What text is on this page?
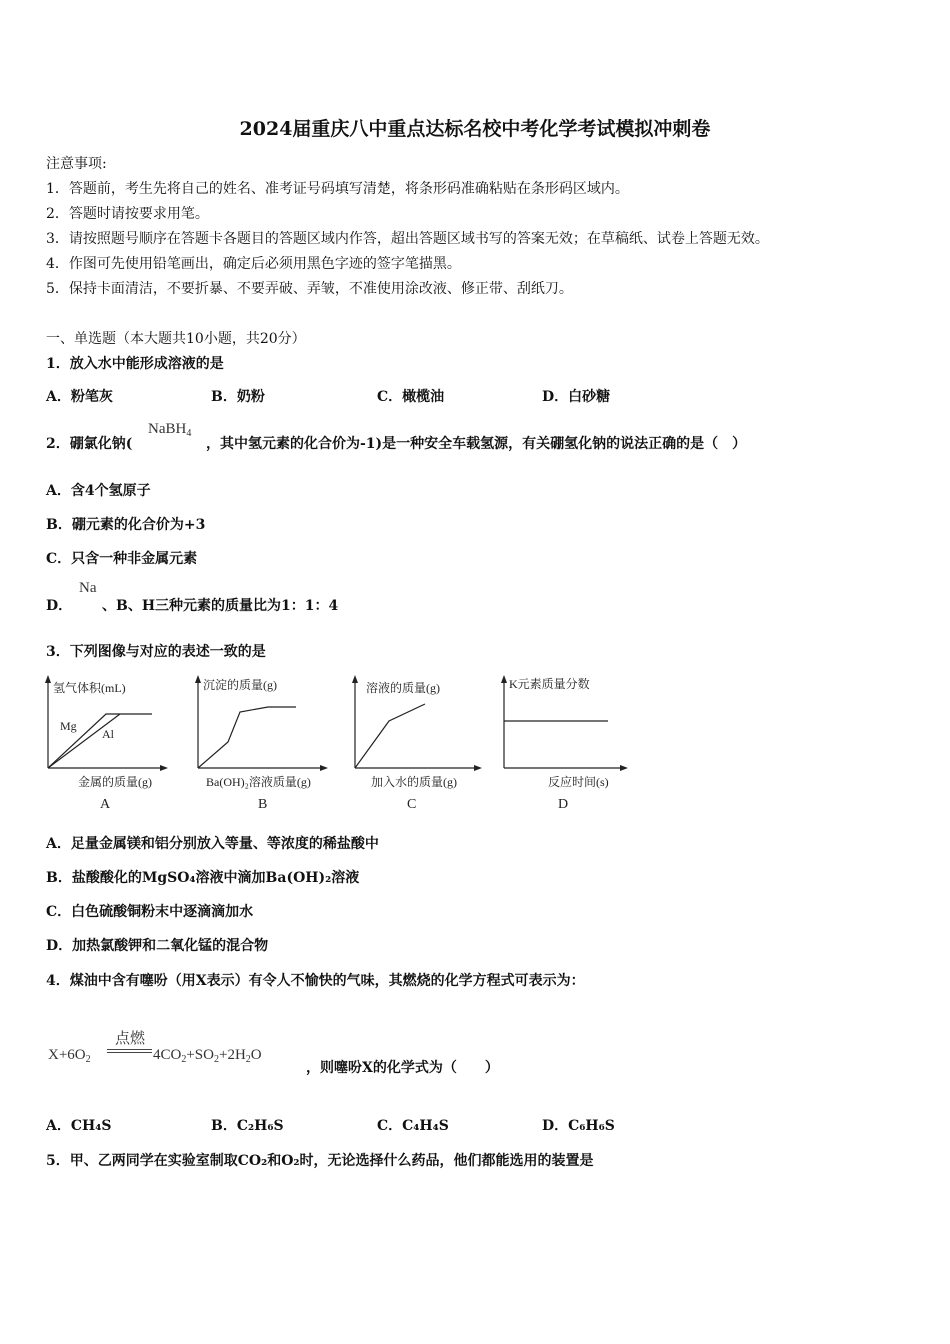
2024届重庆八中重点达标名校中考化学考试模拟冲刺卷
注意事项:
1．答题前，考生先将自己的姓名、准考证号码填写清楚，将条形码准确粘贴在条形码区域内。
2．答题时请按要求用笔。
3．请按照题号顺序在答题卡各题目的答题区域内作答，超出答题区域书写的答案无效；在草稿纸、试卷上答题无效。
4．作图可先使用铅笔画出，确定后必须用黑色字迹的签字笔描黑。
5．保持卡面清洁，不要折暴、不要弄破、弄皱，不准使用涂改液、修正带、刮纸刀。
一、单选题（本大题共10小题，共20分）
1．放入水中能形成溶液的是
A．粉笔灰	B．奶粉	C．橄榄油	D．白砂糖
2．硼氯化钠(
NaBH$_4$
，其中氢元素的化合价为-1)是一种安全车载氢源，有关硼氢化钠的说法正确的是（　）
A．含4个氢原子
B．硼元素的化合价为+3
C．只含一种非金属元素
D．
Na
、B、H三种元素的质量比为1：1：4
3．下列图像与对应的表述一致的是
氢气体积(mL)
Mg
Al
金属的质量(g)
A
沉淀的质量(g)
Ba(OH)₂溶液质量(g)
B
溶液的质量(g)
加入水的质量(g)
C
K元素质量分数
反应时间(s)
D
A．足量金属镁和铝分别放入等量、等浓度的稀盐酸中
B．盐酸酸化的MgSO₄溶液中滴加Ba(OH)₂溶液
C．白色硫酸铜粉末中逐滴滴加水
D．加热氯酸钾和二氧化锰的混合物
4．煤油中含有噻吩（用X表示）有令人不愉快的气味，其燃烧的化学方程式可表示为：
$X+6O_2$
点燃
$4CO_2+SO_2+2H_2O$
，则噻吩X的化学式为（　　）
A．CH₄S	B．C₂H₆S	C．C₄H₄S	D．C₆H₆S
5．甲、乙两同学在实验室制取CO₂和O₂时，无论选择什么药品，他们都能选用的装置是
